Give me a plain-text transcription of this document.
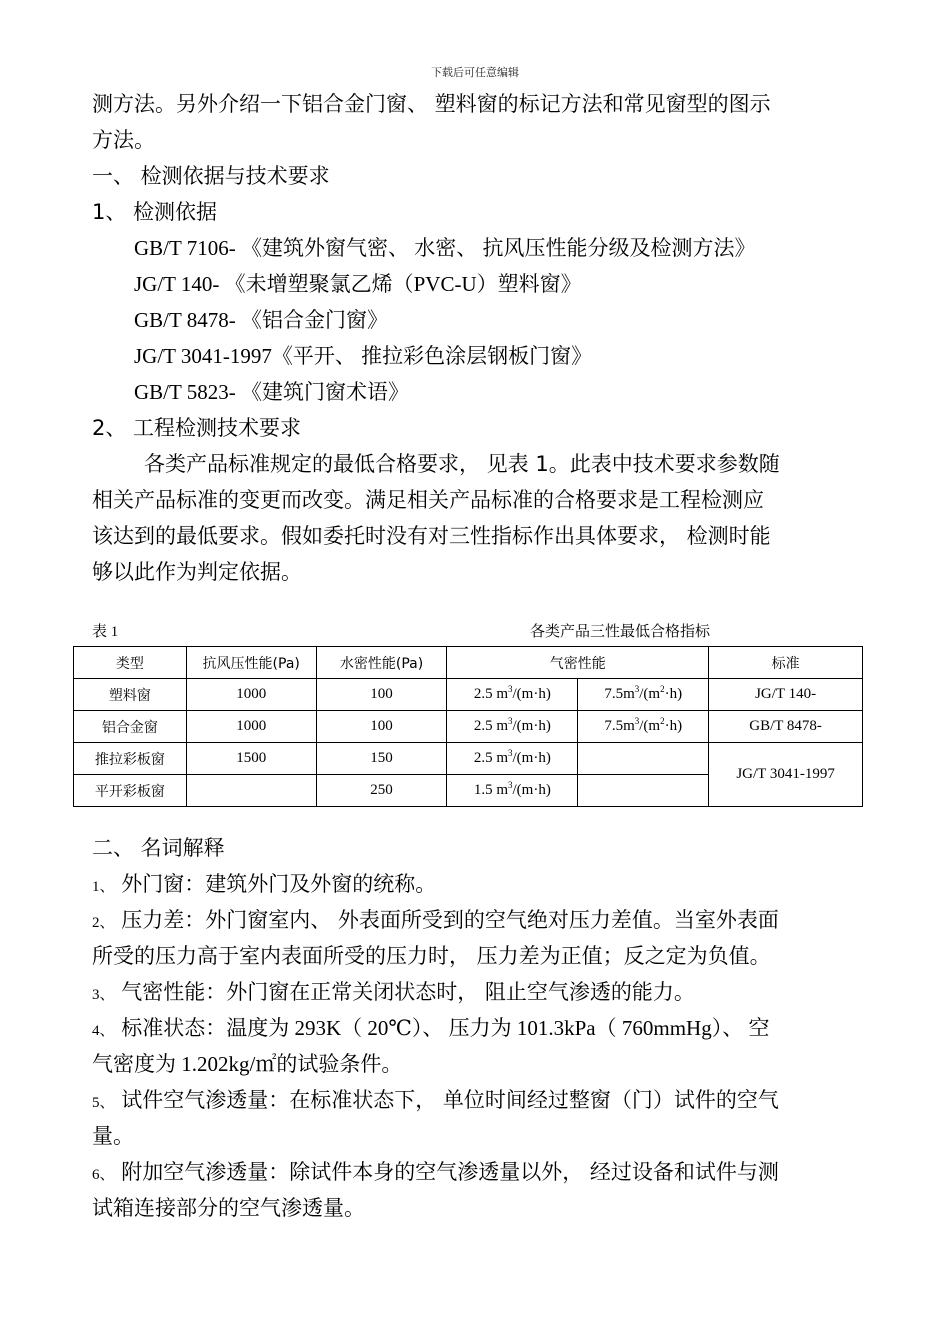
下载后可任意编辑
测方法。另外介绍一下铝合金门窗、 塑料窗的标记方法和常见窗型的图示
方法。
一、 检测依据与技术要求
1、 检测依据
GB/T 7106- 《建筑外窗气密、 水密、 抗风压性能分级及检测方法》
JG/T 140- 《未增塑聚氯乙烯（PVC-U）塑料窗》
GB/T 8478- 《铝合金门窗》
JG/T 3041-1997《平开、 推拉彩色涂层钢板门窗》
GB/T 5823- 《建筑门窗术语》
2、 工程检测技术要求
各类产品标准规定的最低合格要求， 见表 1。此表中技术要求参数随
相关产品标准的变更而改变。满足相关产品标准的合格要求是工程检测应
该达到的最低要求。假如委托时没有对三性指标作出具体要求， 检测时能
够以此作为判定依据。
表 1	各类产品三性最低合格指标
类型	抗风压性能(Pa)	水密性能(Pa)	气密性能		标准
塑料窗	1000	100	2.5 $m^3/(m\cdot h)$	$7.5m^3/(m^2\cdot h)$	JG/T 140-
铝合金窗	1000	100	2.5 $m^3/(m\cdot h)$	$7.5m^3/(m^2\cdot h)$	GB/T 8478-
推拉彩板窗	1500	150	2.5 $m^3/(m\cdot h)$		JG/T 3041-1997
平开彩板窗		250	1.5 $m^3/(m\cdot h)$		
二、 名词解释
1、 外门窗：建筑外门及外窗的统称。
2、 压力差：外门窗室内、 外表面所受到的空气绝对压力差值。当室外表面
所受的压力高于室内表面所受的压力时， 压力差为正值；反之定为负值。
3、 气密性能：外门窗在正常关闭状态时， 阻止空气渗透的能力。
4、 标准状态：温度为 293K（ 20℃）、 压力为 101.3kPa（ 760mmHg）、 空
气密度为 1.202kg/㎡的试验条件。
5、 试件空气渗透量：在标准状态下， 单位时间经过整窗（门）试件的空气
量。
6、 附加空气渗透量：除试件本身的空气渗透量以外， 经过设备和试件与测
试箱连接部分的空气渗透量。
